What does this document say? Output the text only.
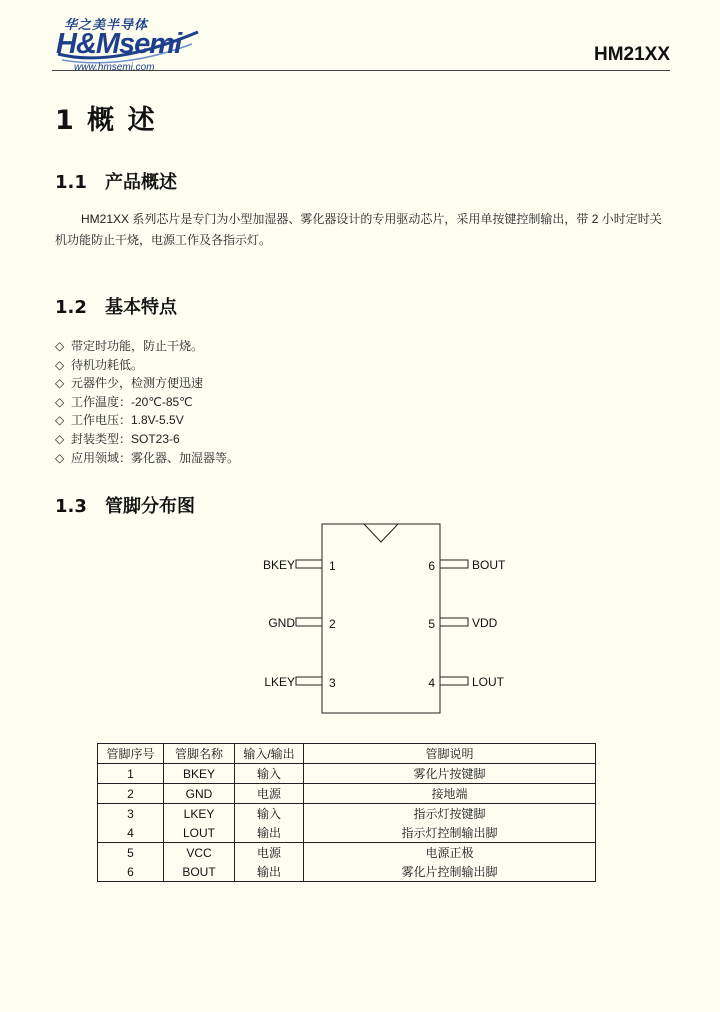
华之美半导体
H&Msemi
www.hmsemi.com
HM21XX
1 概 述
1.1 产品概述
HM21XX 系列芯片是专门为小型加湿器、雾化器设计的专用驱动芯片，采用单按键控制输出，带 2 小时定时关机功能防止干烧，电源工作及各指示灯。
1.2 基本特点
◇ 带定时功能，防止干烧。
◇ 待机功耗低。
◇ 元器件少，检测方便迅速
◇ 工作温度：-20℃-85℃
◇ 工作电压：1.8V-5.5V
◇ 封装类型：SOT23-6
◇ 应用领域：雾化器、加湿器等。
1.3 管脚分布图
BKEY
GND
LKEY
1
2
3
6
5
4
BOUT
VDD
LOUT
管脚序号	管脚名称	输入/输出	管脚说明
1	BKEY	输入	雾化片按键脚
2	GND	电源	接地端
3	LKEY	输入	指示灯按键脚
4	LOUT	输出	指示灯控制输出脚
5	VCC	电源	电源正极
6	BOUT	输出	雾化片控制输出脚
